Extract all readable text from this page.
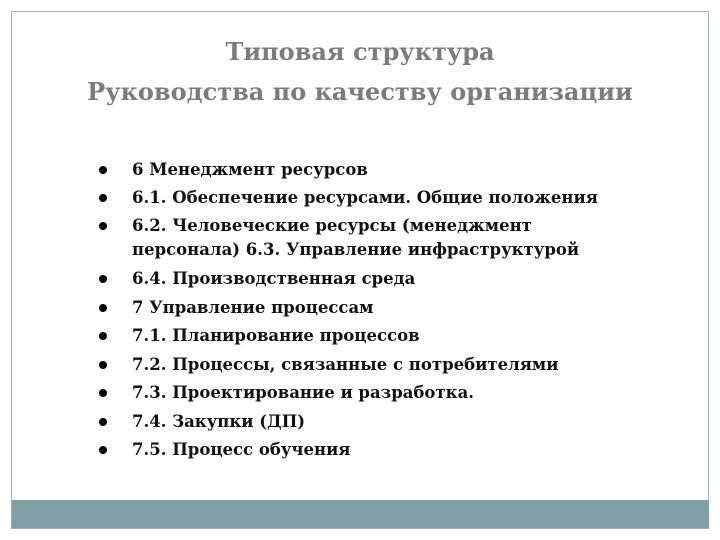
Типовая структура
Руководства по качеству организации
6 Менеджмент ресурсов
6.1. Обеспечение ресурсами. Общие положения
6.2. Человеческие ресурсы (менеджмент
персонала) 6.3. Управление инфраструктурой
6.4. Производственная среда
7 Управление процессам
7.1. Планирование процессов
7.2. Процессы, связанные с потребителями
7.3. Проектирование и разработка.
7.4. Закупки (ДП)
7.5. Процесс обучения
